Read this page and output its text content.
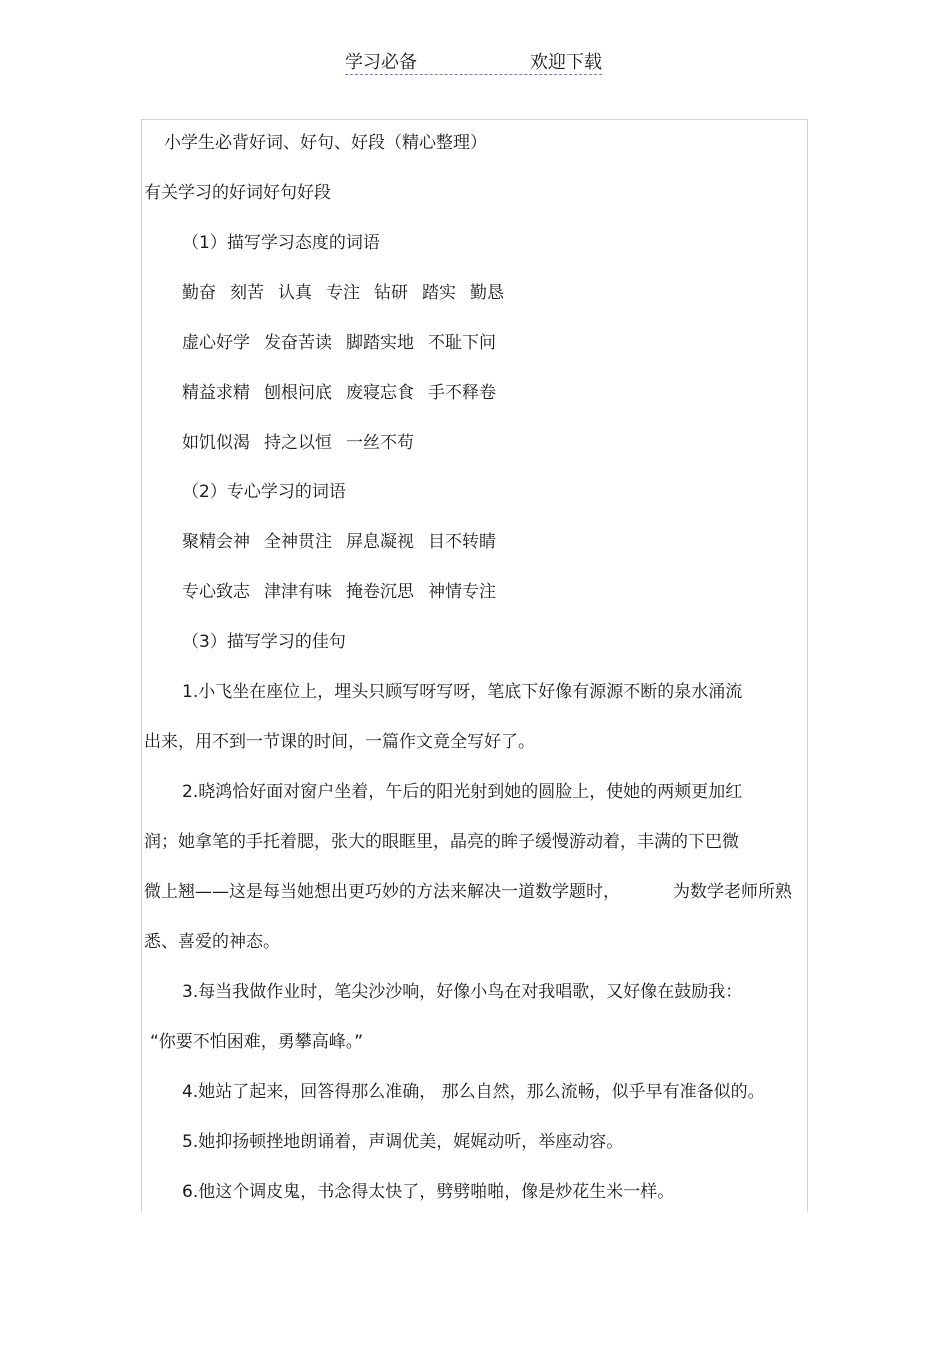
学习必备	欢迎下载
小学生必背好词、好句、好段（精心整理）
有关学习的好词好句好段
（1）描写学习态度的词语
勤奋 刻苦 认真 专注 钻研 踏实 勤恳
虚心好学 发奋苦读 脚踏实地 不耻下问
精益求精 刨根问底 废寝忘食 手不释卷
如饥似渴 持之以恒 一丝不苟
（2）专心学习的词语
聚精会神 全神贯注 屏息凝视 目不转睛
专心致志 津津有味 掩卷沉思 神情专注
（3）描写学习的佳句
1.小飞坐在座位上，埋头只顾写呀写呀，笔底下好像有源源不断的泉水涌流
出来，用不到一节课的时间，一篇作文竟全写好了。
2.晓鸿恰好面对窗户坐着，午后的阳光射到她的圆脸上，使她的两颊更加红
润；她拿笔的手托着腮，张大的眼眶里，晶亮的眸子缓慢游动着，丰满的下巴微
微上翘——这是每当她想出更巧妙的方法来解决一道数学题时，	为数学老师所熟
悉、喜爱的神态。
3.每当我做作业时，笔尖沙沙响，好像小鸟在对我唱歌，又好像在鼓励我：
“你要不怕困难，勇攀高峰。”
4.她站了起来，回答得那么准确， 那么自然，那么流畅，似乎早有准备似的。
5.她抑扬顿挫地朗诵着，声调优美，娓娓动听，举座动容。
6.他这个调皮鬼，书念得太快了，劈劈啪啪，像是炒花生米一样。
